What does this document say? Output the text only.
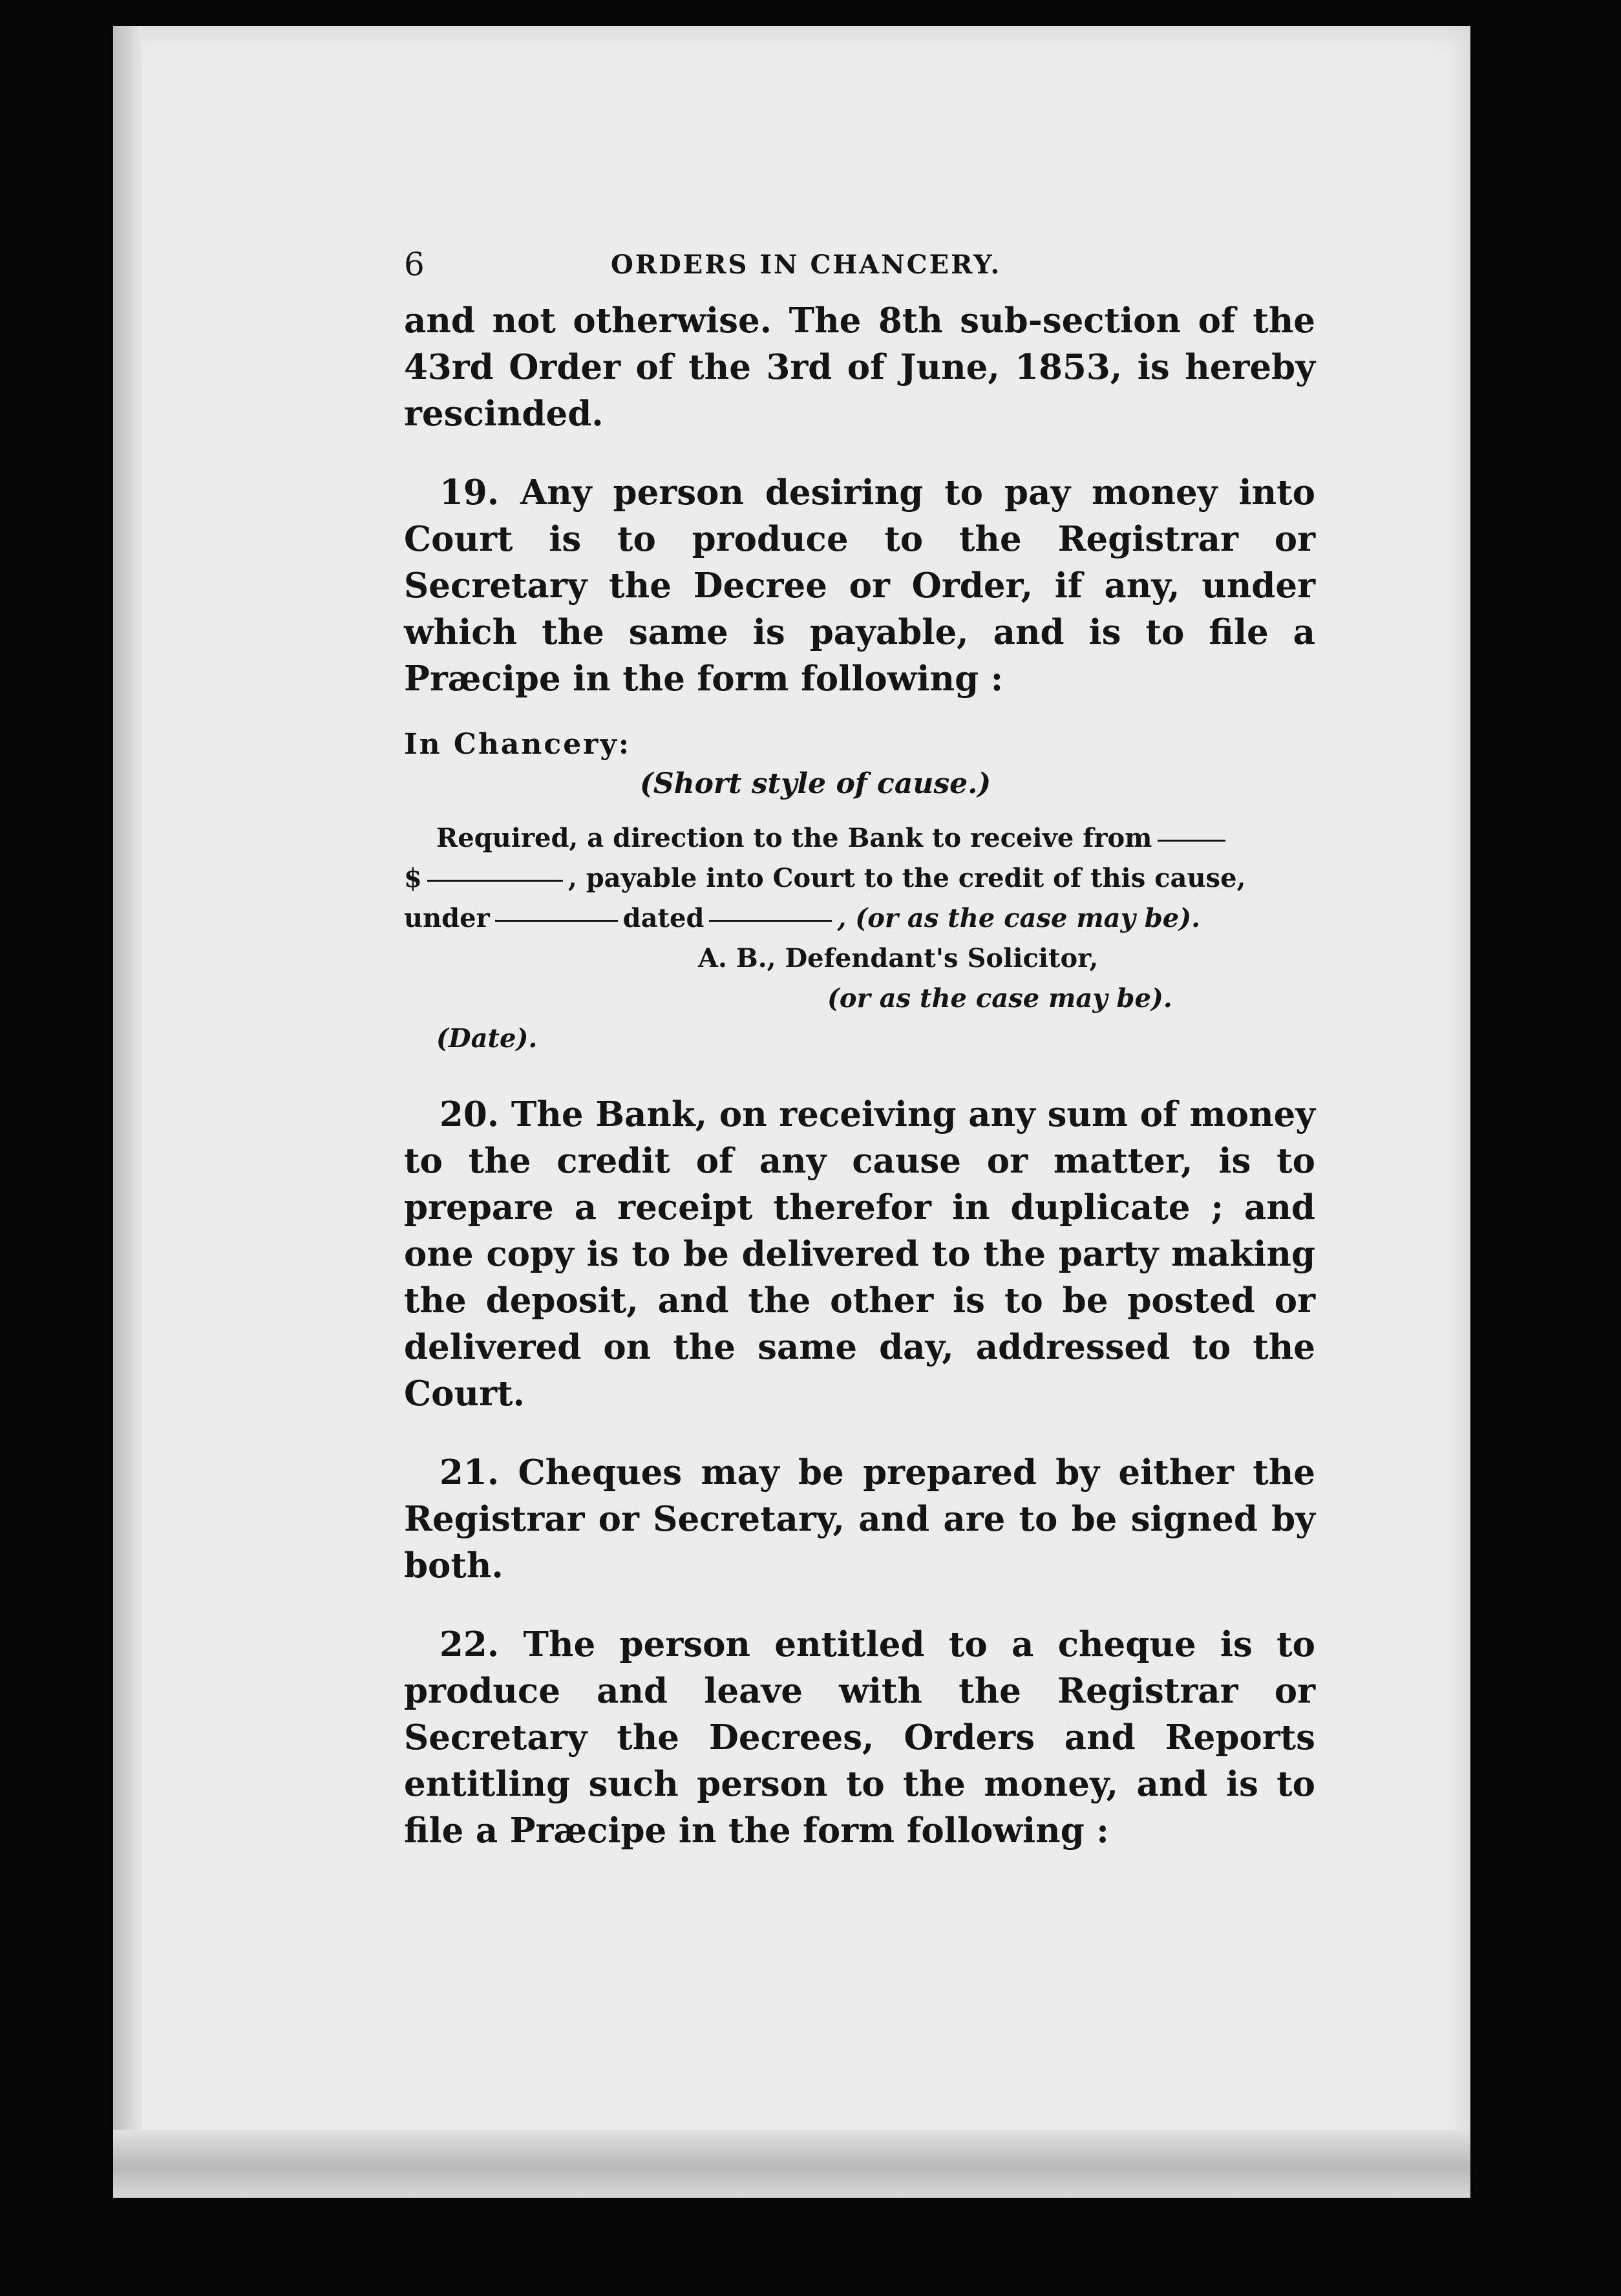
6	ORDERS IN CHANCERY.

and not otherwise. The 8th sub-section of the 43rd Order of the 3rd of June, 1853, is hereby rescinded.

19. Any person desiring to pay money into Court is to produce to the Registrar or Secretary the Decree or Order, if any, under which the same is payable, and is to file a Præcipe in the form following :

In Chancery:
(Short style of cause.)
Required, a direction to the Bank to receive from
$	, payable into Court to the credit of this cause,
under	dated	, (or as the case may be).
A. B., Defendant's Solicitor,
(or as the case may be).
(Date).

20. The Bank, on receiving any sum of money to the credit of any cause or matter, is to prepare a receipt therefor in duplicate ; and one copy is to be delivered to the party making the deposit, and the other is to be posted or delivered on the same day, addressed to the Court.

21. Cheques may be prepared by either the Registrar or Secretary, and are to be signed by both.

22. The person entitled to a cheque is to produce and leave with the Registrar or Secretary the Decrees, Orders and Reports entitling such person to the money, and is to file a Præcipe in the form following :
